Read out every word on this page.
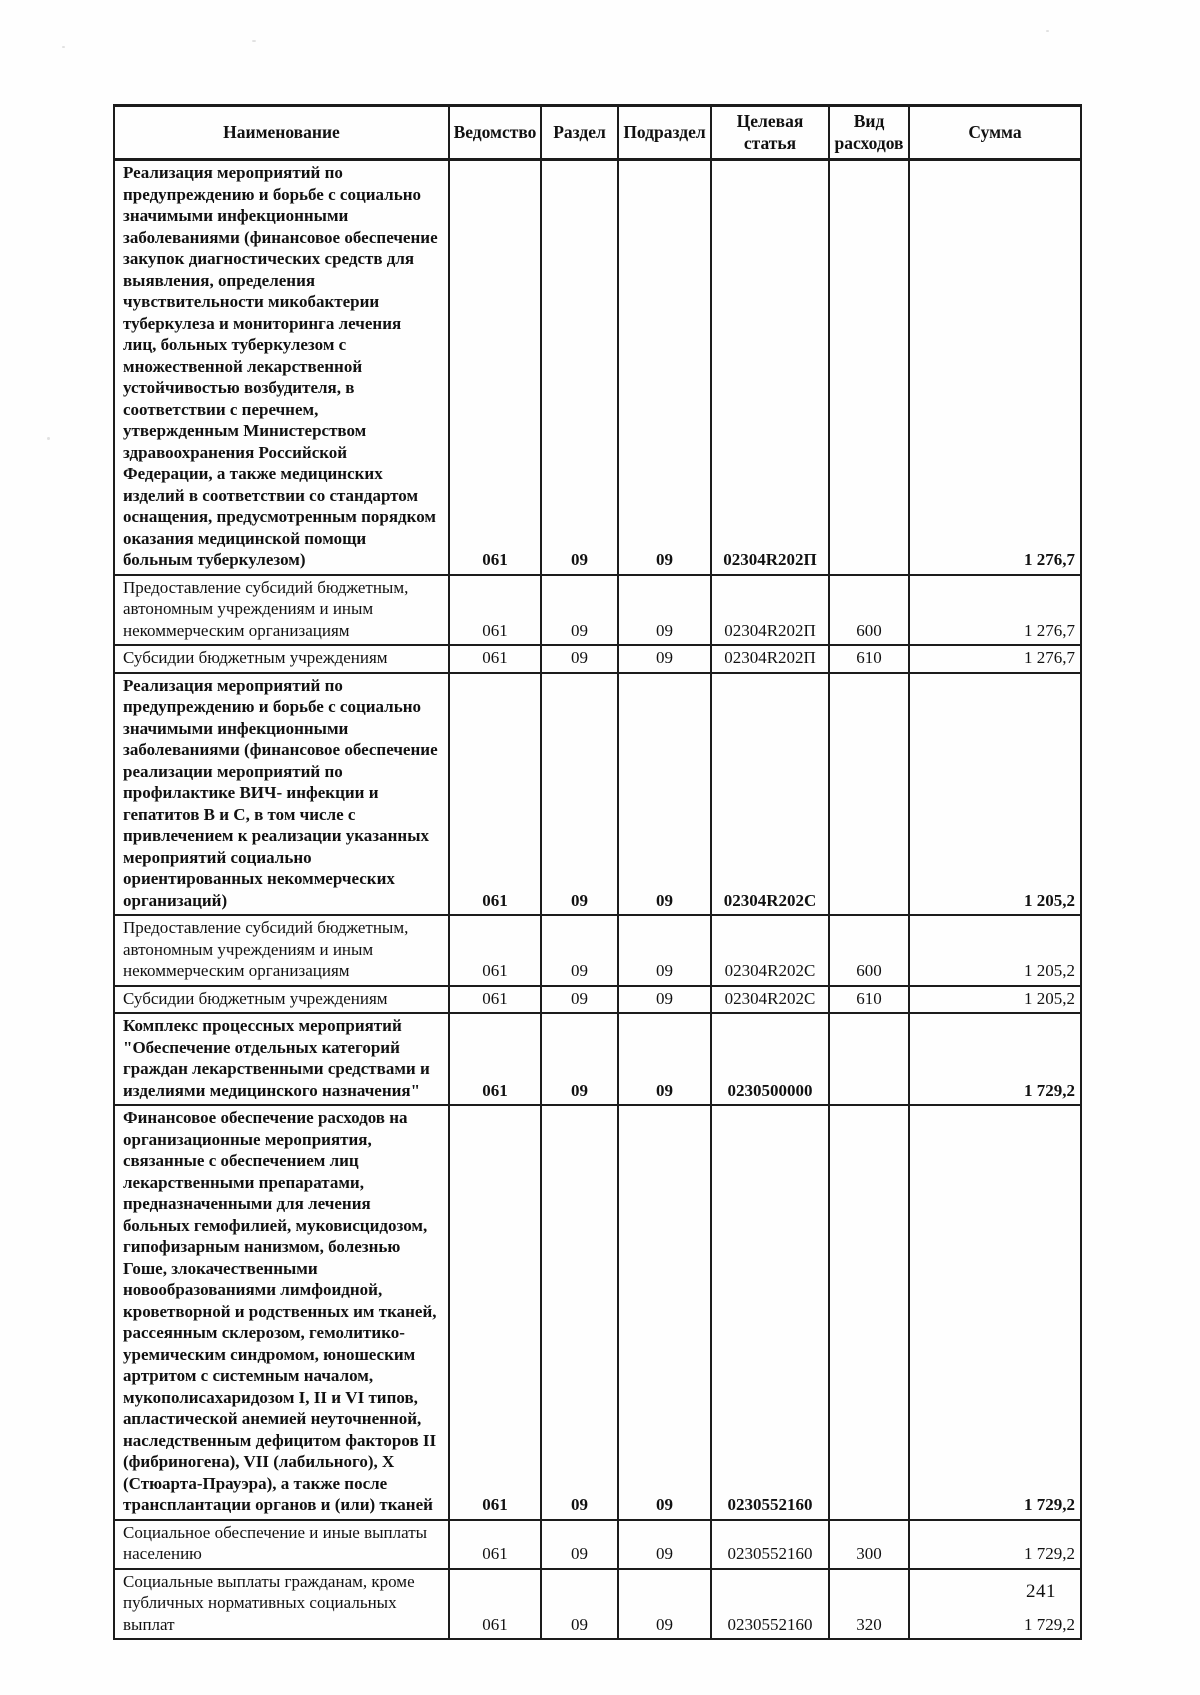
Наименование	Ведомство	Раздел	Подраздел	Целевая статья	Вид расходов	Сумма
Реализация мероприятий по предупреждению и борьбе с социально значимыми инфекционными заболеваниями (финансовое обеспечение закупок диагностических средств для выявления, определения чувствительности микобактерии туберкулеза и мониторинга лечения лиц, больных туберкулезом с множественной лекарственной устойчивостью возбудителя, в соответствии с перечнем, утвержденным Министерством здравоохранения Российской Федерации, а также медицинских изделий в соответствии со стандартом оснащения, предусмотренным порядком оказания медицинской помощи больным туберкулезом)	061	09	09	02304R202П		1 276,7
Предоставление субсидий бюджетным, автономным учреждениям и иным некоммерческим организациям	061	09	09	02304R202П	600	1 276,7
Субсидии бюджетным учреждениям	061	09	09	02304R202П	610	1 276,7
Реализация мероприятий по предупреждению и борьбе с социально значимыми инфекционными заболеваниями (финансовое обеспечение реализации мероприятий по профилактике ВИЧ- инфекции и гепатитов В и С, в том числе с привлечением к реализации указанных мероприятий социально ориентированных некоммерческих организаций)	061	09	09	02304R202C		1 205,2
Предоставление субсидий бюджетным, автономным учреждениям и иным некоммерческим организациям	061	09	09	02304R202C	600	1 205,2
Субсидии бюджетным учреждениям	061	09	09	02304R202C	610	1 205,2
Комплекс процессных мероприятий "Обеспечение отдельных категорий граждан лекарственными средствами и изделиями медицинского назначения"	061	09	09	0230500000		1 729,2
Финансовое обеспечение расходов на организационные мероприятия, связанные с обеспечением лиц лекарственными препаратами, предназначенными для лечения больных гемофилией, муковисцидозом, гипофизарным нанизмом, болезнью Гоше, злокачественными новообразованиями лимфоидной, кроветворной и родственных им тканей, рассеянным склерозом, гемолитико-уремическим синдромом, юношеским артритом с системным началом, мукополисахаридозом I, II и VI типов, апластической анемией неуточненной, наследственным дефицитом факторов II (фибриногена), VII (лабильного), X (Стюарта-Прауэра), а также после трансплантации органов и (или) тканей	061	09	09	0230552160		1 729,2
Социальное обеспечение и иные выплаты населению	061	09	09	0230552160	300	1 729,2
Социальные выплаты гражданам, кроме публичных нормативных социальных выплат	061	09	09	0230552160	320	1 729,2
241
